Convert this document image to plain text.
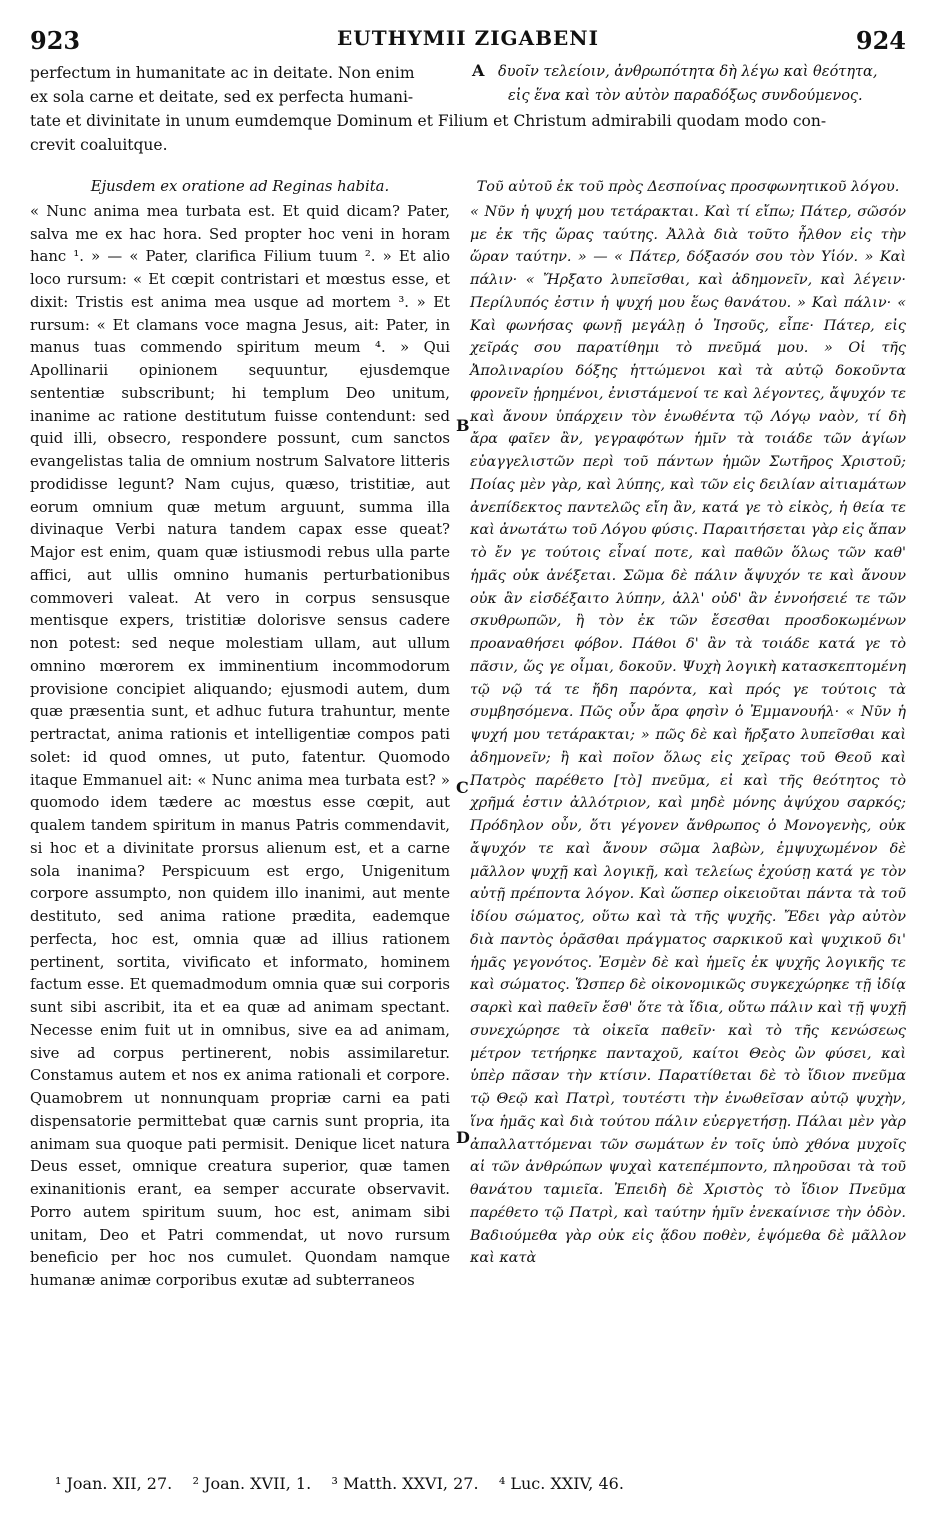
923	EUTHYMII ZIGABENI	924
perfectum in humanitate ac in deitate. Non enim	A δυοῖν τελείοιν, ἀνθρωπότητα δὴ λέγω καὶ θεότητα,
ex sola carne et deitate, sed ex perfecta humani-	εἰς ἕνα καὶ τὸν αὐτὸν παραδόξως συνδούμενος.
tate et divinitate in unum eumdemque Dominum et Filium et Christum admirabili quodam modo con-
crevit coaluitque.
Ejusdem ex oratione ad Reginas habita.

« Nunc anima mea turbata est. Et quid dicam? Pater, salva me ex hac hora. Sed propter hoc veni in horam hanc ¹. » — « Pater, clarifica Filium tuum ². » Et alio loco rursum: « Et cœpit contristari et mœstus esse, et dixit: Tristis est anima mea usque ad mortem ³. » Et rursum: « Et clamans voce magna Jesus, ait: Pater, in manus tuas commendo spiritum meum ⁴. » Qui Apollinarii opinionem sequuntur, ejusdemque sententiæ subscribunt; hi templum Deo unitum, inanime ac ratione destitutum fuisse contendunt: sed quid illi, obsecro, respondere possunt, cum sanctos evangelistas talia de omnium nostrum Salvatore litteris prodidisse legunt? Nam cujus, quæso, tristitiæ, aut eorum omnium quæ metum arguunt, summa illa divinaque Verbi natura tandem capax esse queat? Major est enim, quam quæ istiusmodi rebus ulla parte affici, aut ullis omnino humanis perturbationibus commoveri valeat. At vero in corpus sensusque mentisque expers, tristitiæ dolorisve sensus cadere non potest: sed neque molestiam ullam, aut ullum omnino mœrorem ex imminentium incommodorum provisione concipiet aliquando; ejusmodi autem, dum quæ præsentia sunt, et adhuc futura trahuntur, mente pertractat, anima rationis et intelligentiæ compos pati solet: id quod omnes, ut puto, fatentur. Quomodo itaque Emmanuel ait: « Nunc anima mea turbata est? » quomodo idem tædere ac mœstus esse cœpit, aut qualem tandem spiritum in manus Patris commendavit, si hoc et a divinitate prorsus alienum est, et a carne sola inanima? Perspicuum est ergo, Unigenitum corpore assumpto, non quidem illo inanimi, aut mente destituto, sed anima ratione prædita, eademque perfecta, hoc est, omnia quæ ad illius rationem pertinent, sortita, vivificato et informato, hominem factum esse. Et quemadmodum omnia quæ sui corporis sunt sibi ascribit, ita et ea quæ ad animam spectant. Necesse enim fuit ut in omnibus, sive ea ad animam, sive ad corpus pertinerent, nobis assimilaretur. Constamus autem et nos ex anima rationali et corpore. Quamobrem ut nonnunquam propriæ carni ea pati dispensatorie permittebat quæ carnis sunt propria, ita animam sua quoque pati permisit. Denique licet natura Deus esset, omnique creatura superior, quæ tamen exinanitionis erant, ea semper accurate observavit. Porro autem spiritum suum, hoc est, animam sibi unitam, Deo et Patri commendat, ut novo rursum beneficio per hoc nos cumulet. Quondam namque humanæ animæ corporibus exutæ ad subterraneos

Τοῦ αὐτοῦ ἐκ τοῦ πρὸς Δεσποίνας προσφωνητικοῦ λόγου.

« Νῦν ἡ ψυχή μου τετάρακται. Καὶ τί εἴπω; Πάτερ, σῶσόν με ἐκ τῆς ὥρας ταύτης. Ἀλλὰ διὰ τοῦτο ἦλθον εἰς τὴν ὥραν ταύτην. » — « Πάτερ, δόξασόν σου τὸν Υἱόν. » Καὶ πάλιν· « Ἤρξατο λυπεῖσθαι, καὶ ἀδημονεῖν, καὶ λέγειν· Περίλυπός ἐστιν ἡ ψυχή μου ἕως θανάτου. » Καὶ πάλιν· « Καὶ φωνήσας φωνῇ μεγάλῃ ὁ Ἰησοῦς, εἶπε· Πάτερ, εἰς χεῖράς σου παρατίθημι τὸ πνεῦμά μου. » Οἱ τῆς Ἀπολιναρίου δόξης ἡττώμενοι καὶ τὰ αὐτῷ δοκοῦντα φρονεῖν ᾑρημένοι, ἐνιστάμενοί τε καὶ λέγοντες, ἄψυχόν τε καὶ ἄνουν ὑπάρχειν τὸν ἑνωθέντα τῷ Λόγῳ ναὸν, τί δὴ ἄρα φαῖεν ἂν, γεγραφότων ἡμῖν τὰ τοιάδε τῶν ἁγίων εὐαγγελιστῶν περὶ τοῦ πάντων ἡμῶν Σωτῆρος Χριστοῦ; Ποίας μὲν γὰρ, καὶ λύπης, καὶ τῶν εἰς δειλίαν αἰτιαμάτων ἀνεπίδεκτος παντελῶς εἴη ἂν, κατά γε τὸ εἰκὸς, ἡ θεία τε καὶ ἀνωτάτω τοῦ Λόγου φύσις. Παραιτήσεται γὰρ εἰς ἅπαν τὸ ἔν γε τούτοις εἶναί ποτε, καὶ παθῶν ὅλως τῶν καθ' ἡμᾶς οὐκ ἀνέξεται. Σῶμα δὲ πάλιν ἄψυχόν τε καὶ ἄνουν οὐκ ἂν εἰσδέξαιτο λύπην, ἀλλ' οὐδ' ἂν ἐννοήσειέ τε τῶν σκυθρωπῶν, ἢ τὸν ἐκ τῶν ἔσεσθαι προσδοκωμένων προαναθήσει φόβον. Πάθοι δ' ἂν τὰ τοιάδε κατά γε τὸ πᾶσιν, ὥς γε οἶμαι, δοκοῦν. Ψυχὴ λογικὴ κατασκεπτομένη τῷ νῷ τά τε ἤδη παρόντα, καὶ πρός γε τούτοις τὰ συμβησόμενα. Πῶς οὖν ἄρα φησὶν ὁ Ἐμμανουήλ· « Νῦν ἡ ψυχή μου τετάρακται; » πῶς δὲ καὶ ἤρξατο λυπεῖσθαι καὶ ἀδημονεῖν; ἢ καὶ ποῖον ὅλως εἰς χεῖρας τοῦ Θεοῦ καὶ Πατρὸς παρέθετο [τὸ] πνεῦμα, εἰ καὶ τῆς θεότητος τὸ χρῆμά ἐστιν ἀλλότριον, καὶ μηδὲ μόνης ἀψύχου σαρκός; Πρόδηλον οὖν, ὅτι γέγονεν ἄνθρωπος ὁ Μονογενὴς, οὐκ ἄψυχόν τε καὶ ἄνουν σῶμα λαβὼν, ἐμψυχωμένον δὲ μᾶλλον ψυχῇ καὶ λογικῇ, καὶ τελείως ἐχούσῃ κατά γε τὸν αὐτῇ πρέποντα λόγον. Καὶ ὥσπερ οἰκειοῦται πάντα τὰ τοῦ ἰδίου σώματος, οὕτω καὶ τὰ τῆς ψυχῆς. Ἔδει γὰρ αὐτὸν διὰ παντὸς ὁρᾶσθαι πράγματος σαρκικοῦ καὶ ψυχικοῦ δι' ἡμᾶς γεγονότος. Ἐσμὲν δὲ καὶ ἡμεῖς ἐκ ψυχῆς λογικῆς τε καὶ σώματος. Ὥσπερ δὲ οἰκονομικῶς συγκεχώρηκε τῇ ἰδίᾳ σαρκὶ καὶ παθεῖν ἔσθ' ὅτε τὰ ἴδια, οὕτω πάλιν καὶ τῇ ψυχῇ συνεχώρησε τὰ οἰκεῖα παθεῖν· καὶ τὸ τῆς κενώσεως μέτρον τετήρηκε πανταχοῦ, καίτοι Θεὸς ὢν φύσει, καὶ ὑπὲρ πᾶσαν τὴν κτίσιν. Παρατίθεται δὲ τὸ ἴδιον πνεῦμα τῷ Θεῷ καὶ Πατρὶ, τουτέστι τὴν ἐνωθεῖσαν αὐτῷ ψυχὴν, ἵνα ἡμᾶς καὶ διὰ τούτου πάλιν εὐεργετήσῃ. Πάλαι μὲν γὰρ ἀπαλλαττόμεναι τῶν σωμάτων ἐν τοῖς ὑπὸ χθόνα μυχοῖς αἱ τῶν ἀνθρώπων ψυχαὶ κατεπέμποντο, πληροῦσαι τὰ τοῦ θανάτου ταμιεῖα. Ἐπειδὴ δὲ Χριστὸς τὸ ἴδιον Πνεῦμα παρέθετο τῷ Πατρὶ, καὶ ταύτην ἡμῖν ἐνεκαίνισε τὴν ὁδὸν. Βαδιούμεθα γὰρ οὐκ εἰς ᾅδου ποθὲν, ἑψόμεθα δὲ μᾶλλον καὶ κατὰ

B
C
D
¹ Joan. XII, 27. ² Joan. XVII, 1. ³ Matth. XXVI, 27. ⁴ Luc. XXIV, 46.
